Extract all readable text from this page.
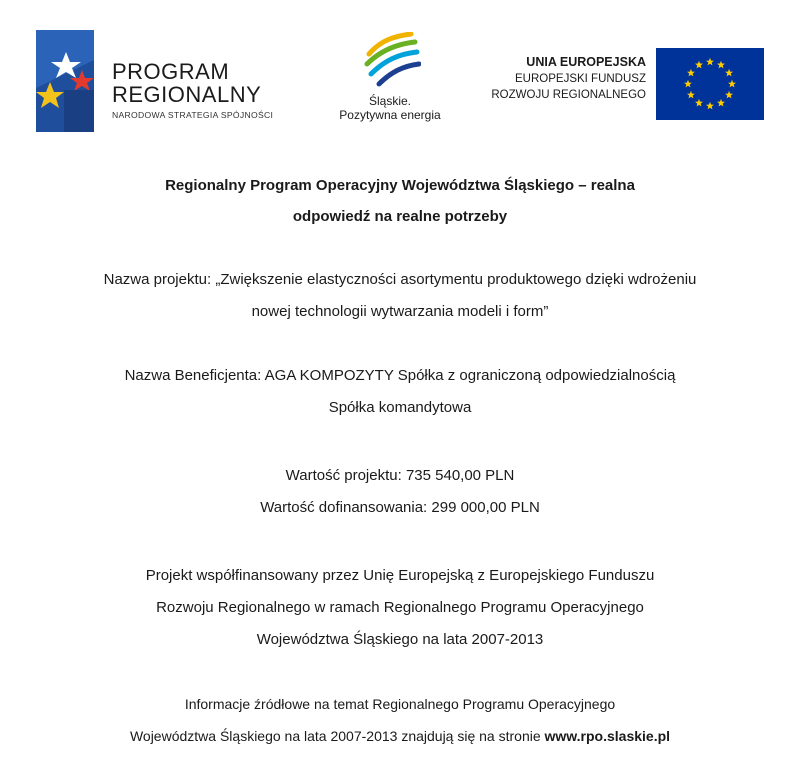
PROGRAM
REGIONALNY
NARODOWA STRATEGIA SPÓJNOŚCI
Śląskie.
Pozytywna energia
UNIA EUROPEJSKA
EUROPEJSKI FUNDUSZ
ROZWOJU REGIONALNEGO

Regionalny Program Operacyjny Województwa Śląskiego – realna
odpowiedź na realne potrzeby

Nazwa projektu: „Zwiększenie elastyczności asortymentu produktowego dzięki wdrożeniu
nowej technologii wytwarzania modeli i form”

Nazwa Beneficjenta: AGA KOMPOZYTY Spółka z ograniczoną odpowiedzialnością
Spółka komandytowa

Wartość projektu: 735 540,00 PLN
Wartość dofinansowania: 299 000,00 PLN

Projekt współfinansowany przez Unię Europejską z Europejskiego Funduszu
Rozwoju Regionalnego w ramach Regionalnego Programu Operacyjnego
Województwa Śląskiego na lata 2007-2013

Informacje źródłowe na temat Regionalnego Programu Operacyjnego
Województwa Śląskiego na lata 2007-2013 znajdują się na stronie www.rpo.slaskie.pl
